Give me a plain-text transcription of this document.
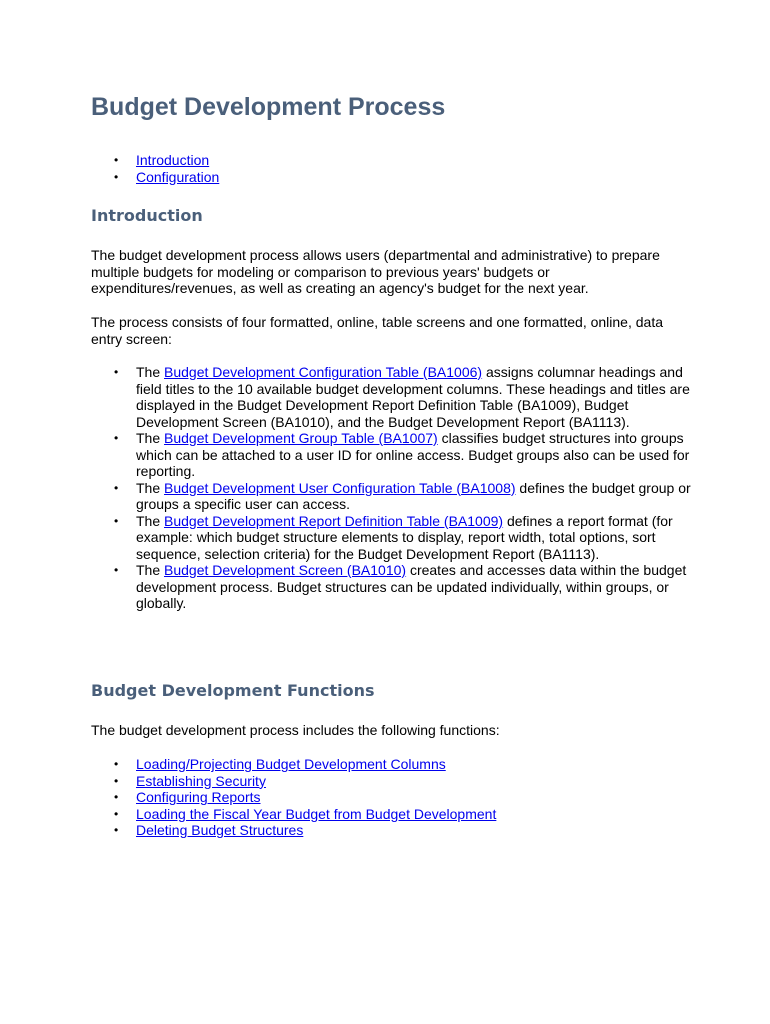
Budget Development Process
• Introduction
• Configuration
Introduction

The budget development process allows users (departmental and administrative) to prepare multiple budgets for modeling or comparison to previous years' budgets or expenditures/revenues, as well as creating an agency's budget for the next year.

The process consists of four formatted, online, table screens and one formatted, online, data entry screen:

• The Budget Development Configuration Table (BA1006) assigns columnar headings and field titles to the 10 available budget development columns. These headings and titles are displayed in the Budget Development Report Definition Table (BA1009), Budget Development Screen (BA1010), and the Budget Development Report (BA1113).
• The Budget Development Group Table (BA1007) classifies budget structures into groups which can be attached to a user ID for online access. Budget groups also can be used for reporting.
• The Budget Development User Configuration Table (BA1008) defines the budget group or groups a specific user can access.
• The Budget Development Report Definition Table (BA1009) defines a report format (for example: which budget structure elements to display, report width, total options, sort sequence, selection criteria) for the Budget Development Report (BA1113).
• The Budget Development Screen (BA1010) creates and accesses data within the budget development process. Budget structures can be updated individually, within groups, or globally.
Budget Development Functions

The budget development process includes the following functions:

• Loading/Projecting Budget Development Columns
• Establishing Security
• Configuring Reports
• Loading the Fiscal Year Budget from Budget Development
• Deleting Budget Structures
